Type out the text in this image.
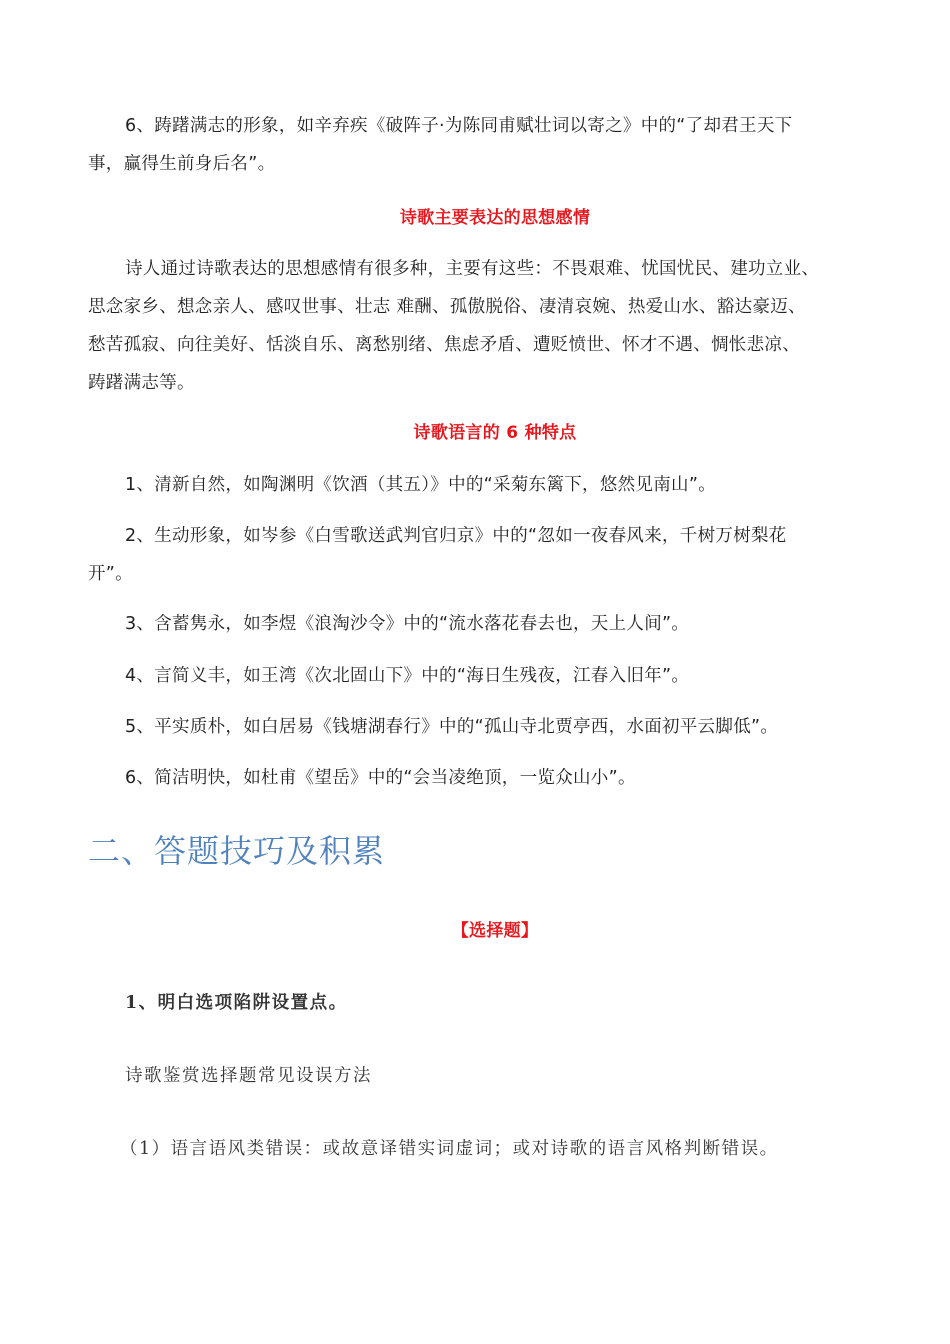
6、踌躇满志的形象，如辛弃疾《破阵子·为陈同甫赋壮词以寄之》中的“了却君王天下
事，赢得生前身后名”。
诗歌主要表达的思想感情
诗人通过诗歌表达的思想感情有很多种，主要有这些：不畏艰难、忧国忧民、建功立业、
思念家乡、想念亲人、感叹世事、壮志 难酬、孤傲脱俗、凄清哀婉、热爱山水、豁达豪迈、
愁苦孤寂、向往美好、恬淡自乐、离愁别绪、焦虑矛盾、遭贬愤世、怀才不遇、惆怅悲凉、
踌躇满志等。
诗歌语言的 6 种特点
1、清新自然，如陶渊明《饮酒（其五）》中的“采菊东篱下，悠然见南山”。
2、生动形象，如岑参《白雪歌送武判官归京》中的“忽如一夜春风来，千树万树梨花
开”。
3、含蓄隽永，如李煜《浪淘沙令》中的“流水落花春去也，天上人间”。
4、言简义丰，如王湾《次北固山下》中的“海日生残夜，江春入旧年”。
5、平实质朴，如白居易《钱塘湖春行》中的“孤山寺北贾亭西，水面初平云脚低”。
6、简洁明快，如杜甫《望岳》中的“会当凌绝顶，一览众山小”。
二、答题技巧及积累
【选择题】
1、明白选项陷阱设置点。
诗歌鉴赏选择题常见设误方法
（1）语言语风类错误：或故意译错实词虚词；或对诗歌的语言风格判断错误。
